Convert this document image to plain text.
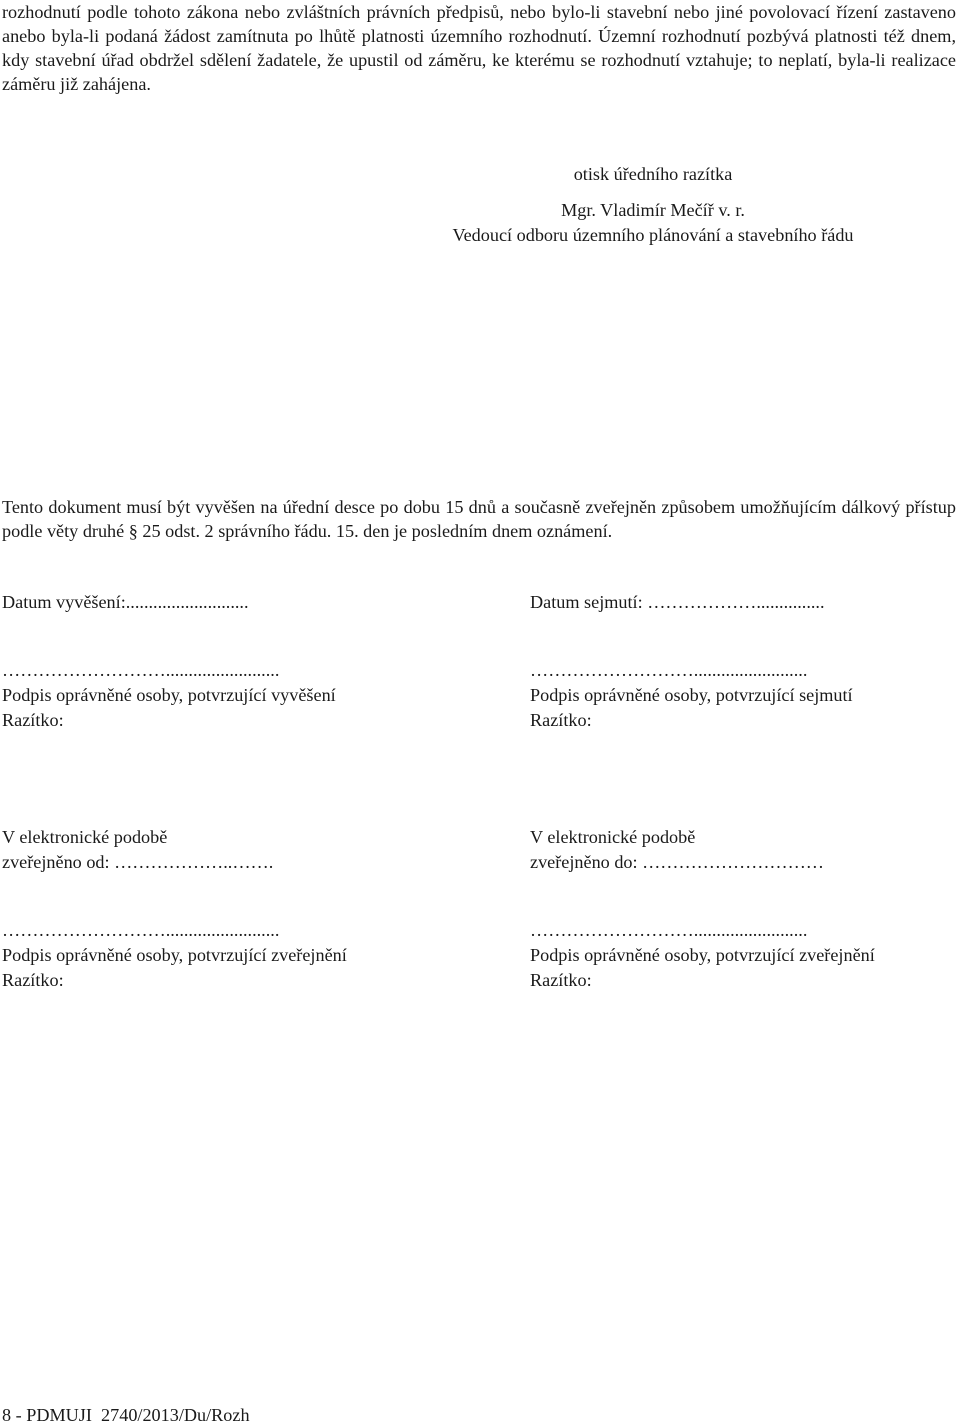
rozhodnutí podle tohoto zákona nebo zvláštních právních předpisů, nebo bylo-li stavební nebo jiné povolovací řízení zastaveno anebo byla-li podaná žádost zamítnuta po lhůtě platnosti územního rozhodnutí. Územní rozhodnutí pozbývá platnosti též dnem, kdy stavební úřad obdržel sdělení žadatele, že upustil od záměru, ke kterému se rozhodnutí vztahuje; to neplatí, byla-li realizace záměru již zahájena.
otisk úředního razítka
Mgr. Vladimír Mečíř v. r.
Vedoucí odboru územního plánování a stavebního řádu
Tento dokument musí být vyvěšen na úřední desce po dobu 15 dnů a současně zveřejněn způsobem umožňujícím dálkový přístup podle věty druhé § 25 odst. 2 správního řádu. 15. den je posledním dnem oznámení.
Datum vyvěšení:...........................
……………………….........................
Podpis oprávněné osoby, potvrzující vyvěšení
Razítko:
Datum sejmutí: ………………...............
……………………….........................
Podpis oprávněné osoby, potvrzující sejmutí
Razítko:
V elektronické podobě
zveřejněno od: ………………..…….
……………………….........................
Podpis oprávněné osoby, potvrzující zveřejnění
Razítko:
V elektronické podobě
zveřejněno do: …………………………
……………………….........................
Podpis oprávněné osoby, potvrzující zveřejnění
Razítko:
8 - PDMUJI 2740/2013/Du/Rozh
